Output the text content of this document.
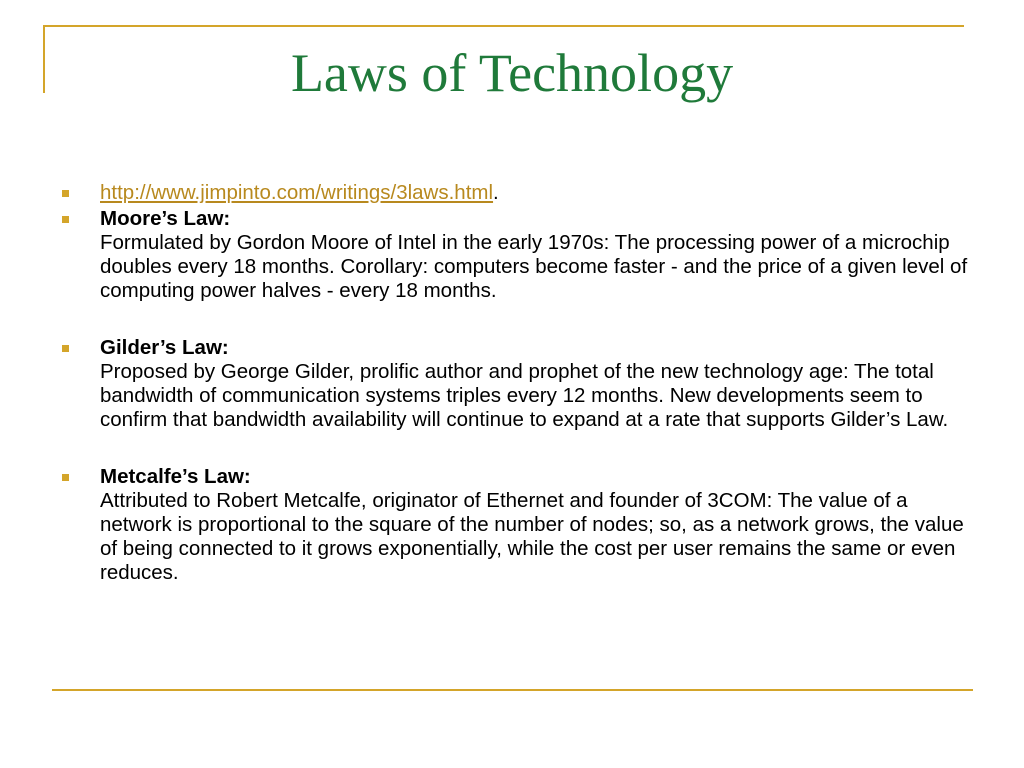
Laws of Technology
http://www.jimpinto.com/writings/3laws.html.
Moore’s Law:
Formulated by Gordon Moore of Intel in the early 1970s: The processing power of a microchip doubles every 18 months. Corollary: computers become faster - and the price of a given level of computing power halves - every 18 months.
Gilder’s Law:
Proposed by George Gilder, prolific author and prophet of the new technology age: The total bandwidth of communication systems triples every 12 months. New developments seem to confirm that bandwidth availability will continue to expand at a rate that supports Gilder’s Law.
Metcalfe’s Law:
Attributed to Robert Metcalfe, originator of Ethernet and founder of 3COM: The value of a network is proportional to the square of the number of nodes; so, as a network grows, the value of being connected to it grows exponentially, while the cost per user remains the same or even reduces.
